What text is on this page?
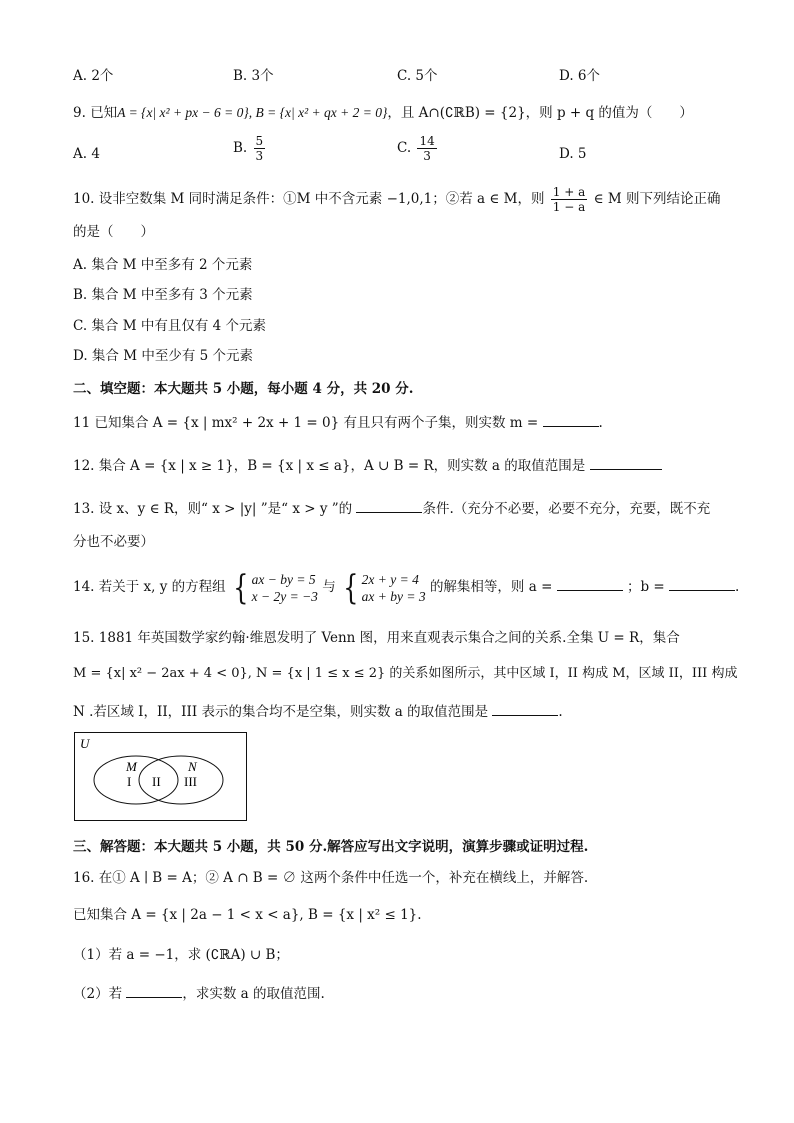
A. 2个	B. 3个	C. 5个	D. 6个
9. 已知A = {x| x² + px − 6 = 0}, B = {x| x² + qx + 2 = 0}，且 A∩(∁ℝB) = {2}，则 p + q 的值为（　　）
A. 4	B. $\frac{5}{3}$	C. $\frac{14}{3}$	D. 5
10. 设非空数集 M 同时满足条件：①M 中不含元素 −1,0,1；②若 a ∈ M，则 $\frac{1 + a}{1 - a}$ ∈ M 则下列结论正确
的是（　　）
A. 集合 M 中至多有 2 个元素
B. 集合 M 中至多有 3 个元素
C. 集合 M 中有且仅有 4 个元素
D. 集合 M 中至少有 5 个元素
二、填空题：本大题共 5 小题，每小题 4 分，共 20 分.
11 已知集合 A = {x | mx² + 2x + 1 = 0} 有且只有两个子集，则实数 m =	.
12. 集合 A = {x | x ≥ 1}，B = {x | x ≤ a}，A ∪ B = R，则实数 a 的取值范围是
13. 设 x、y ∈ R，则“ x > |y| ”是“ x > y ”的	条件.（充分不必要，必要不充分，充要，既不充
分也不必要）
14. 若关于 x, y 的方程组 { ax − by = 5
x − 2y = −3
与 { 2x + y = 4
ax + by = 3
的解集相等，则 a =	；b =	.
15. 1881 年英国数学家约翰·维恩发明了 Venn 图，用来直观表示集合之间的关系.全集 U = R，集合
M = {x| x² − 2ax + 4 < 0}, N = {x | 1 ≤ x ≤ 2} 的关系如图所示，其中区域 I，II 构成 M，区域 II，III 构成
N .若区域 I，II，III 表示的集合均不是空集，则实数 a 的取值范围是	.
U
M	N
I II III
三、解答题：本大题共 5 小题，共 50 分.解答应写出文字说明，演算步骤或证明过程.
16. 在① A ∣ B = A；② A ∩ B = ∅ 这两个条件中任选一个，补充在横线上，并解答.
已知集合 A = {x | 2a − 1 < x < a}, B = {x | x² ≤ 1}.
（1）若 a = −1，求 (∁ℝA) ∪ B；
（2）若	，求实数 a 的取值范围.
